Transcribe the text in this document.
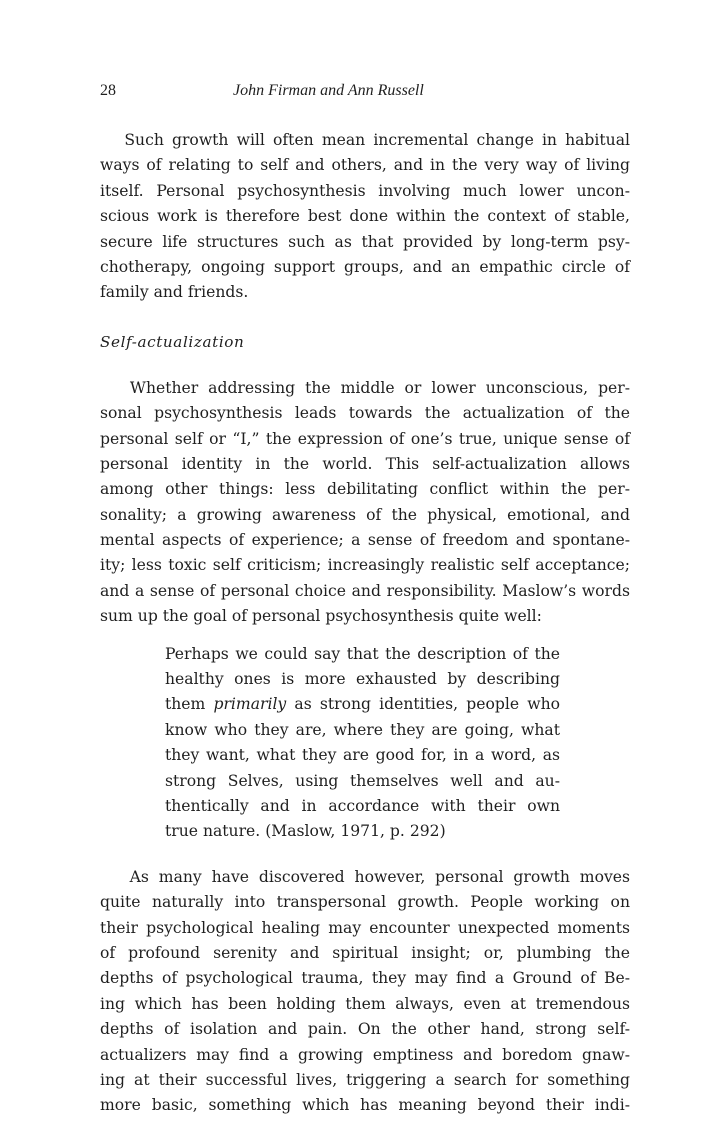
28	John Firman and Ann Russell
Such growth will often mean incremental change in habitual
ways of relating to self and others, and in the very way of living
itself. Personal psychosynthesis involving much lower uncon-
scious work is therefore best done within the context of stable,
secure life structures such as that provided by long-term psy-
chotherapy, ongoing support groups, and an empathic circle of
family and friends.
Self-actualization
Whether addressing the middle or lower unconscious, per-
sonal psychosynthesis leads towards the actualization of the
personal self or “I,” the expression of one’s true, unique sense of
personal identity in the world. This self-actualization allows
among other things: less debilitating conflict within the per-
sonality; a growing awareness of the physical, emotional, and
mental aspects of experience; a sense of freedom and spontane-
ity; less toxic self criticism; increasingly realistic self acceptance;
and a sense of personal choice and responsibility. Maslow’s words
sum up the goal of personal psychosynthesis quite well:
Perhaps we could say that the description of the
healthy ones is more exhausted by describing
them primarily as strong identities, people who
know who they are, where they are going, what
they want, what they are good for, in a word, as
strong Selves, using themselves well and au-
thentically and in accordance with their own
true nature. (Maslow, 1971, p. 292)
As many have discovered however, personal growth moves
quite naturally into transpersonal growth. People working on
their psychological healing may encounter unexpected moments
of profound serenity and spiritual insight; or, plumbing the
depths of psychological trauma, they may find a Ground of Be-
ing which has been holding them always, even at tremendous
depths of isolation and pain. On the other hand, strong self-
actualizers may find a growing emptiness and boredom gnaw-
ing at their successful lives, triggering a search for something
more basic, something which has meaning beyond their indi-
